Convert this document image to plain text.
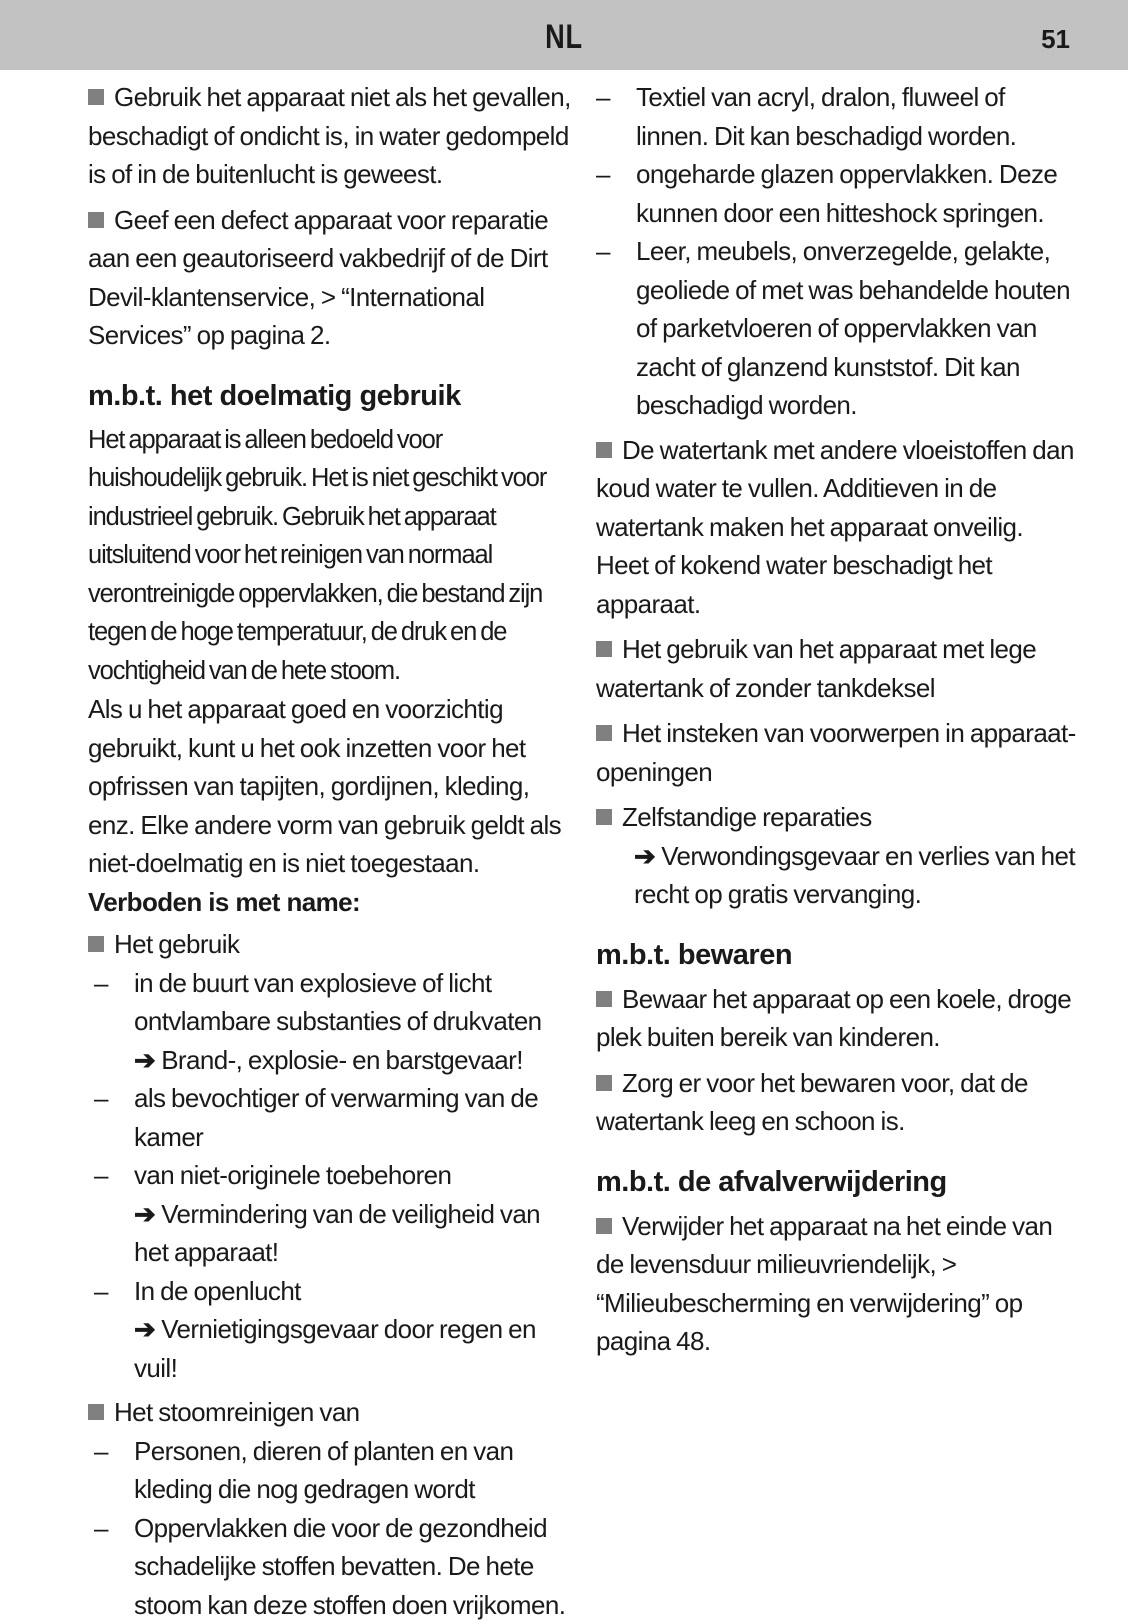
NL	51

Gebruik het apparaat niet als het gevallen, beschadigt of ondicht is, in water gedompeld is of in de buitenlucht is geweest.

Geef een defect apparaat voor reparatie aan een geautoriseerd vakbedrijf of de Dirt Devil-klantenservice, > “International Services” op pagina 2.

m.b.t. het doelmatig gebruik

Het apparaat is alleen bedoeld voor huishoudelijk gebruik. Het is niet geschikt voor industrieel gebruik. Gebruik het apparaat uitsluitend voor het reinigen van normaal verontreinigde oppervlakken, die bestand zijn tegen de hoge temperatuur, de druk en de vochtigheid van de hete stoom.

Als u het apparaat goed en voorzichtig gebruikt, kunt u het ook inzetten voor het opfrissen van tapijten, gordijnen, kleding, enz. Elke andere vorm van gebruik geldt als niet-doelmatig en is niet toegestaan.

Verboden is met name:

Het gebruik

– in de buurt van explosieve of licht ontvlambare substanties of drukvaten
➔ Brand-, explosie- en barstgevaar!
– als bevochtiger of verwarming van de kamer
– van niet-originele toebehoren
➔ Vermindering van de veiligheid van het apparaat!
– In de openlucht
➔ Vernietigingsgevaar door regen en vuil!

Het stoomreinigen van

– Personen, dieren of planten en van kleding die nog gedragen wordt
– Oppervlakken die voor de gezondheid schadelijke stoffen bevatten. De hete stoom kan deze stoffen doen vrijkomen.
– Textiel van acryl, dralon, fluweel of linnen. Dit kan beschadigd worden.
– ongeharde glazen oppervlakken. Deze kunnen door een hitteshock springen.
– Leer, meubels, onverzegelde, gelakte, geoliede of met was behandelde houten of parketvloeren of oppervlakken van zacht of glanzend kunststof. Dit kan beschadigd worden.

De watertank met andere vloeistoffen dan koud water te vullen. Additieven in de watertank maken het apparaat onveilig. Heet of kokend water beschadigt het apparaat.

Het gebruik van het apparaat met lege watertank of zonder tankdeksel

Het insteken van voorwerpen in apparaat-openingen

Zelfstandige reparaties

➔ Verwondingsgevaar en verlies van het recht op gratis vervanging.
m.b.t. bewaren

Bewaar het apparaat op een koele, droge plek buiten bereik van kinderen.

Zorg er voor het bewaren voor, dat de watertank leeg en schoon is.

m.b.t. de afvalverwijdering

Verwijder het apparaat na het einde van de levensduur milieuvriendelijk, > “Milieubescherming en verwijdering” op pagina 48.
